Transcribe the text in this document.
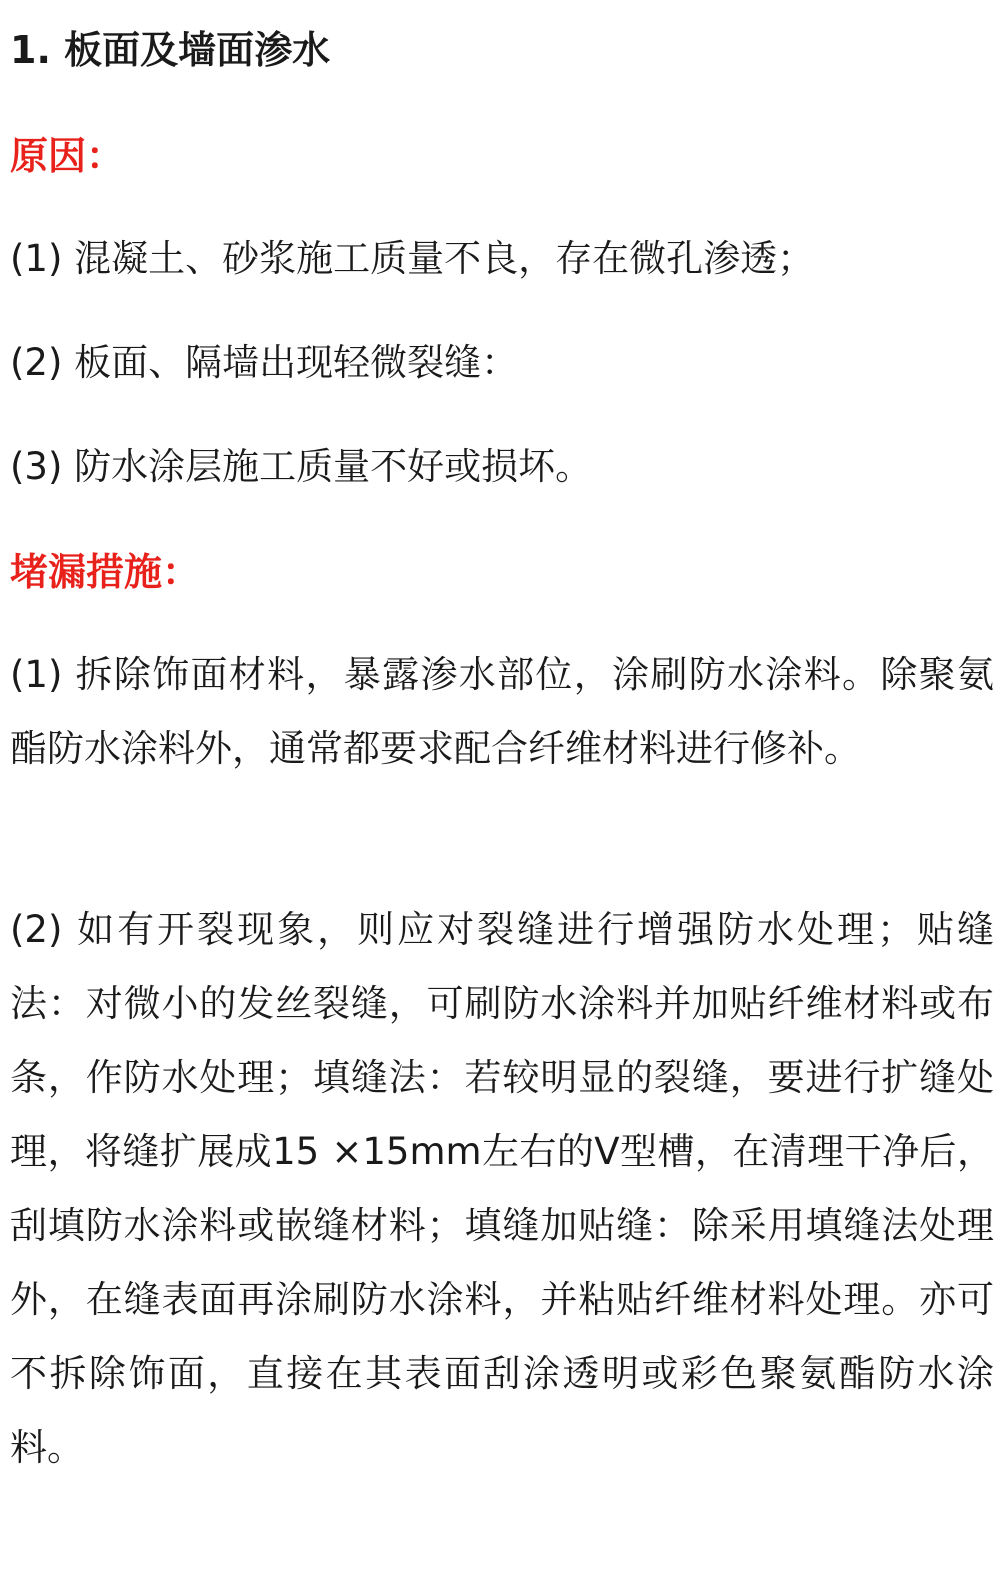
1. 板面及墙面渗水

原因：

(1) 混凝土、砂浆施工质量不良，存在微孔渗透；

(2) 板面、隔墙出现轻微裂缝：

(3) 防水涂层施工质量不好或损坏。

堵漏措施：

(1) 拆除饰面材料，暴露渗水部位，涂刷防水涂料。除聚氨酯防水涂料外，通常都要求配合纤维材料进行修补。

(2) 如有开裂现象，则应对裂缝进行增强防水处理；贴缝法：对微小的发丝裂缝，可刷防水涂料并加贴纤维材料或布条，作防水处理；填缝法：若较明显的裂缝，要进行扩缝处理，将缝扩展成15 ×15mm左右的V型槽，在清理干净后，刮填防水涂料或嵌缝材料；填缝加贴缝：除采用填缝法处理外，在缝表面再涂刷防水涂料，并粘贴纤维材料处理。亦可不拆除饰面，直接在其表面刮涂透明或彩色聚氨酯防水涂料。
